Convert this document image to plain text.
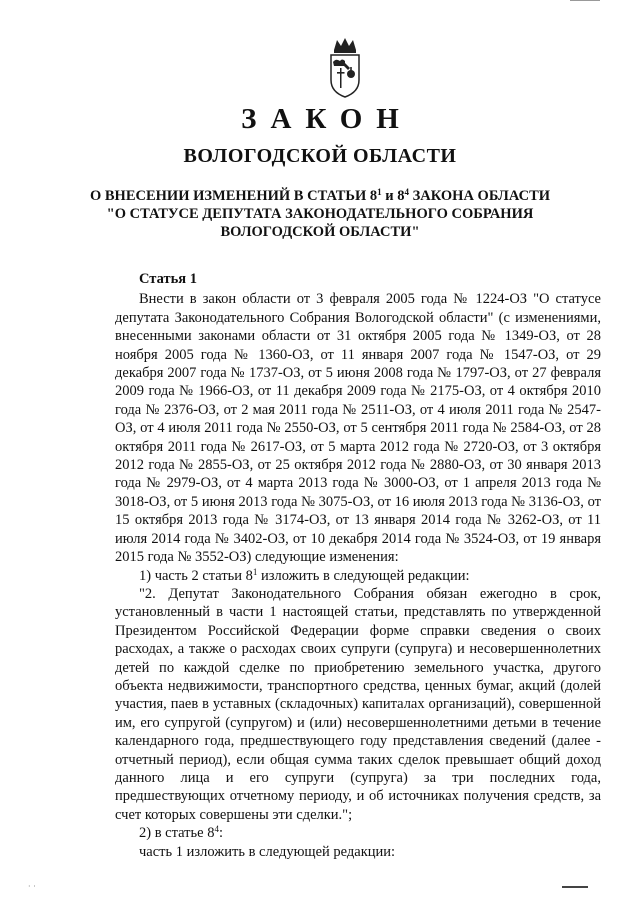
ЗАКОН
ВОЛОГОДСКОЙ ОБЛАСТИ
О ВНЕСЕНИИ ИЗМЕНЕНИЙ В СТАТЬИ $8^1$ и $8^4$ ЗАКОНА ОБЛАСТИ
"О СТАТУСЕ ДЕПУТАТА ЗАКОНОДАТЕЛЬНОГО СОБРАНИЯ
ВОЛОГОДСКОЙ ОБЛАСТИ"

Статья 1

Внести в закон области от 3 февраля 2005 года № 1224-ОЗ "О статусе депутата Законодательного Собрания Вологодской области" (с изменениями, внесенными законами области от 31 октября 2005 года № 1349-ОЗ, от 28 ноября 2005 года № 1360-ОЗ, от 11 января 2007 года № 1547-ОЗ, от 29 декабря 2007 года № 1737-ОЗ, от 5 июня 2008 года № 1797-ОЗ, от 27 февраля 2009 года № 1966-ОЗ, от 11 декабря 2009 года № 2175-ОЗ, от 4 октября 2010 года № 2376-ОЗ, от 2 мая 2011 года № 2511-ОЗ, от 4 июля 2011 года № 2547-ОЗ, от 4 июля 2011 года № 2550-ОЗ, от 5 сентября 2011 года № 2584-ОЗ, от 28 октября 2011 года № 2617-ОЗ, от 5 марта 2012 года № 2720-ОЗ, от 3 октября 2012 года № 2855-ОЗ, от 25 октября 2012 года № 2880-ОЗ, от 30 января 2013 года № 2979-ОЗ, от 4 марта 2013 года № 3000-ОЗ, от 1 апреля 2013 года № 3018-ОЗ, от 5 июня 2013 года № 3075-ОЗ, от 16 июля 2013 года № 3136-ОЗ, от 15 октября 2013 года № 3174-ОЗ, от 13 января 2014 года № 3262-ОЗ, от 11 июля 2014 года № 3402-ОЗ, от 10 декабря 2014 года № 3524-ОЗ, от 19 января 2015 года № 3552-ОЗ) следующие изменения:

1) часть 2 статьи $8^1$ изложить в следующей редакции:

"2. Депутат Законодательного Собрания обязан ежегодно в срок, установленный в части 1 настоящей статьи, представлять по утвержденной Президентом Российской Федерации форме справки сведения о своих расходах, а также о расходах своих супруги (супруга) и несовершеннолетних детей по каждой сделке по приобретению земельного участка, другого объекта недвижимости, транспортного средства, ценных бумаг, акций (долей участия, паев в уставных (складочных) капиталах организаций), совершенной им, его супругой (супругом) и (или) несовершеннолетними детьми в течение календарного года, предшествующего году представления сведений (далее - отчетный период), если общая сумма таких сделок превышает общий доход данного лица и его супруги (супруга) за три последних года, предшествующих отчетному периоду, и об источниках получения средств, за счет которых совершены эти сделки.";

2) в статье $8^4$:

часть 1 изложить в следующей редакции:

· ·
